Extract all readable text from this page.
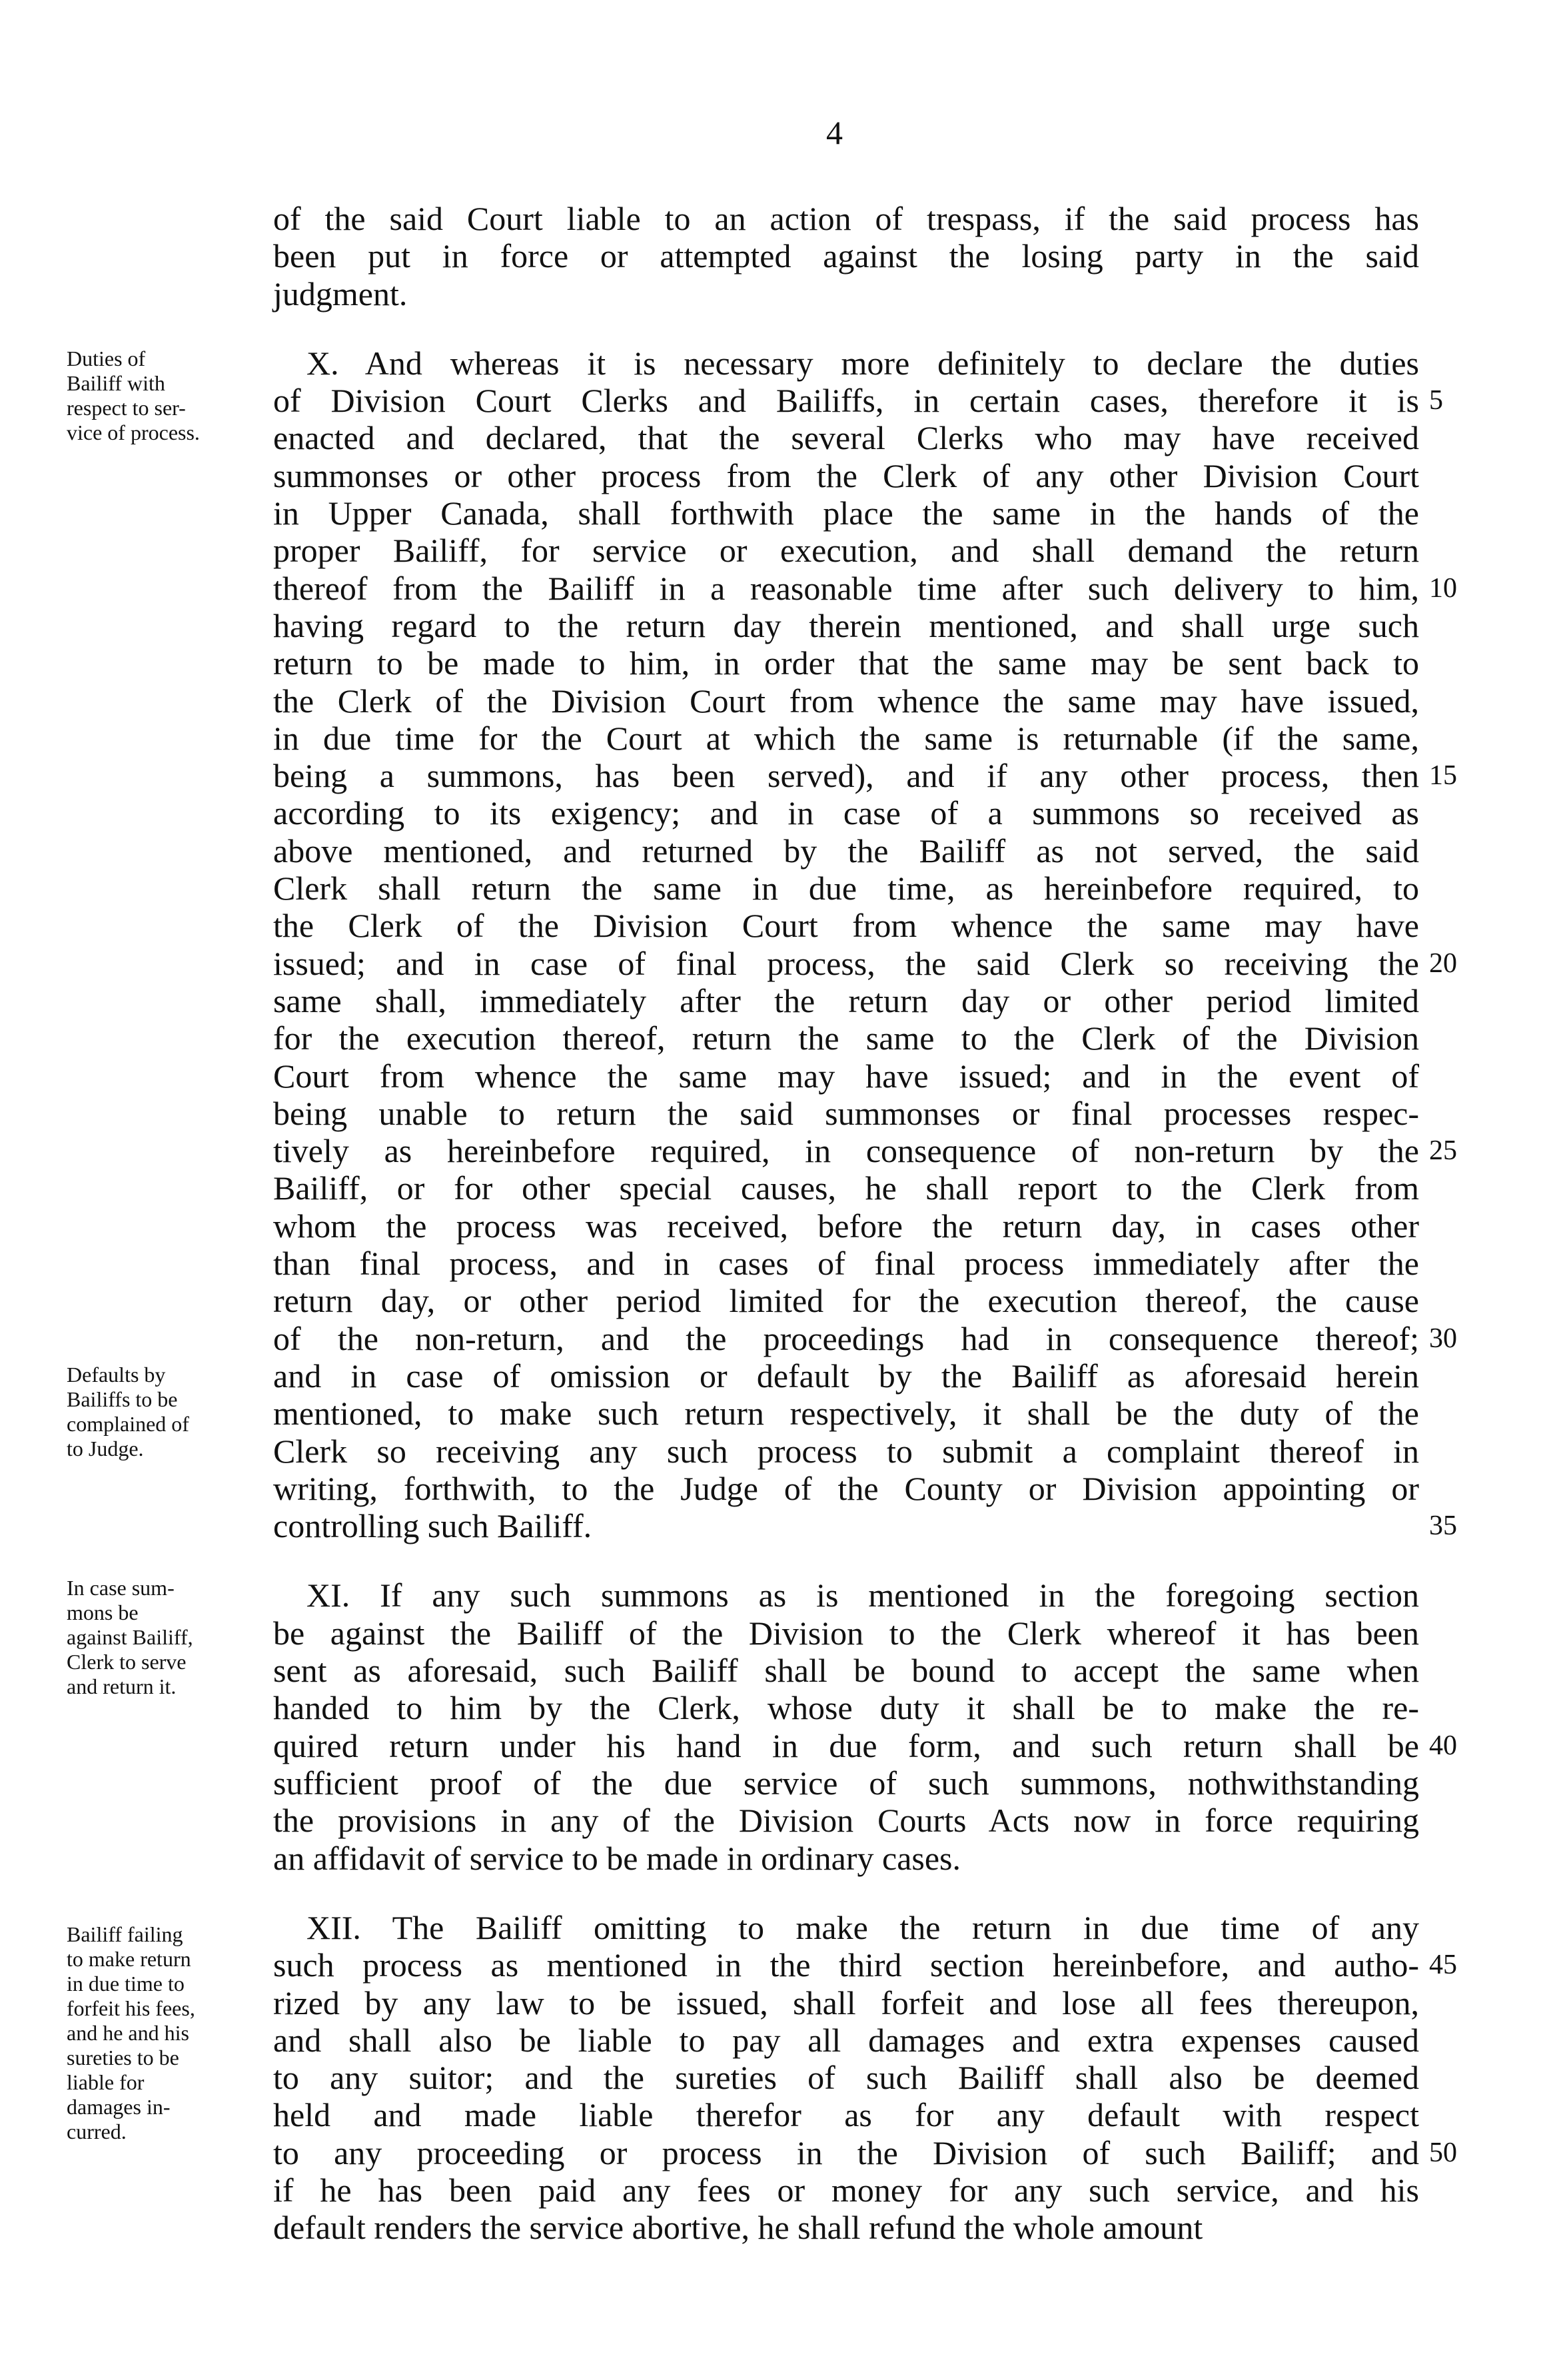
4

Duties of
Bailiff with
respect to ser-
vice of process.
Defaults by
Bailiffs to be
complained of
to Judge.
In case sum-
mons be
against Bailiff,
Clerk to serve
and return it.
Bailiff failing
to make return
in due time to
forfeit his fees,
and he and his
sureties to be
liable for
damages in-
curred.
of the said Court liable to an action of trespass, if the said process has
been put in force or attempted against the losing party in the said
judgment.
X. And whereas it is necessary more definitely to declare the duties
of Division Court Clerks and Bailiffs, in certain cases, therefore it is 5
enacted and declared, that the several Clerks who may have received
summonses or other process from the Clerk of any other Division Court
in Upper Canada, shall forthwith place the same in the hands of the
proper Bailiff, for service or execution, and shall demand the return
thereof from the Bailiff in a reasonable time after such delivery to him, 10
having regard to the return day therein mentioned, and shall urge such
return to be made to him, in order that the same may be sent back to
the Clerk of the Division Court from whence the same may have issued,
in due time for the Court at which the same is returnable (if the same,
being a summons, has been served), and if any other process, then 15
according to its exigency; and in case of a summons so received as
above mentioned, and returned by the Bailiff as not served, the said
Clerk shall return the same in due time, as hereinbefore required, to
the Clerk of the Division Court from whence the same may have
issued; and in case of final process, the said Clerk so receiving the 20
same shall, immediately after the return day or other period limited
for the execution thereof, return the same to the Clerk of the Division
Court from whence the same may have issued; and in the event of
being unable to return the said summonses or final processes respec-
tively as hereinbefore required, in consequence of non-return by the 25
Bailiff, or for other special causes, he shall report to the Clerk from
whom the process was received, before the return day, in cases other
than final process, and in cases of final process immediately after the
return day, or other period limited for the execution thereof, the cause
of the non-return, and the proceedings had in consequence thereof; 30
and in case of omission or default by the Bailiff as aforesaid herein
mentioned, to make such return respectively, it shall be the duty of the
Clerk so receiving any such process to submit a complaint thereof in
writing, forthwith, to the Judge of the County or Division appointing or
controlling such Bailiff.	35
XI. If any such summons as is mentioned in the foregoing section
be against the Bailiff of the Division to the Clerk whereof it has been
sent as aforesaid, such Bailiff shall be bound to accept the same when
handed to him by the Clerk, whose duty it shall be to make the re-
quired return under his hand in due form, and such return shall be 40
sufficient proof of the due service of such summons, nothwithstanding
the provisions in any of the Division Courts Acts now in force requiring
an affidavit of service to be made in ordinary cases.
XII. The Bailiff omitting to make the return in due time of any
such process as mentioned in the third section hereinbefore, and autho- 45
rized by any law to be issued, shall forfeit and lose all fees thereupon,
and shall also be liable to pay all damages and extra expenses caused
to any suitor; and the sureties of such Bailiff shall also be deemed
held and made liable therefor as for any default with respect
to any proceeding or process in the Division of such Bailiff; and 50
if he has been paid any fees or money for any such service, and his
default renders the service abortive, he shall refund the whole amount
